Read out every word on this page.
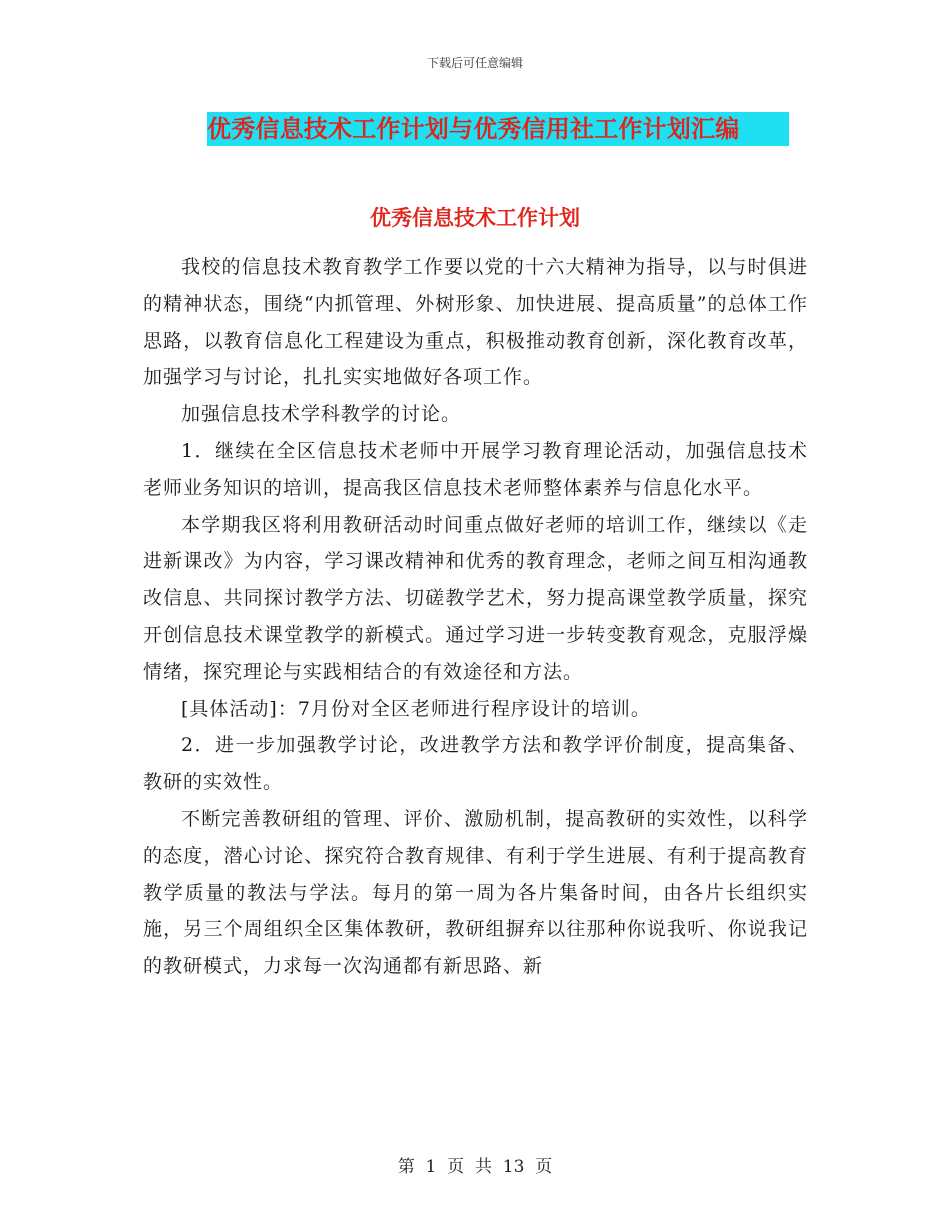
下载后可任意编辑
优秀信息技术工作计划与优秀信用社工作计划汇编
优秀信息技术工作计划

我校的信息技术教育教学工作要以党的十六大精神为指导，以与时俱进的精神状态，围绕“内抓管理、外树形象、加快进展、提高质量”的总体工作思路，以教育信息化工程建设为重点，积极推动教育创新，深化教育改革，加强学习与讨论，扎扎实实地做好各项工作。

加强信息技术学科教学的讨论。

1．继续在全区信息技术老师中开展学习教育理论活动，加强信息技术老师业务知识的培训，提高我区信息技术老师整体素养与信息化水平。

本学期我区将利用教研活动时间重点做好老师的培训工作，继续以《走进新课改》为内容，学习课改精神和优秀的教育理念，老师之间互相沟通教改信息、共同探讨教学方法、切磋教学艺术，努力提高课堂教学质量，探究开创信息技术课堂教学的新模式。通过学习进一步转变教育观念，克服浮燥情绪，探究理论与实践相结合的有效途径和方法。

[具体活动]：7月份对全区老师进行程序设计的培训。

2．进一步加强教学讨论，改进教学方法和教学评价制度，提高集备、教研的实效性。

不断完善教研组的管理、评价、激励机制，提高教研的实效性，以科学的态度，潜心讨论、探究符合教育规律、有利于学生进展、有利于提高教育教学质量的教法与学法。每月的第一周为各片集备时间，由各片长组织实施，另三个周组织全区集体教研，教研组摒弃以往那种你说我听、你说我记的教研模式，力求每一次沟通都有新思路、新

第  1  页  共  13  页
